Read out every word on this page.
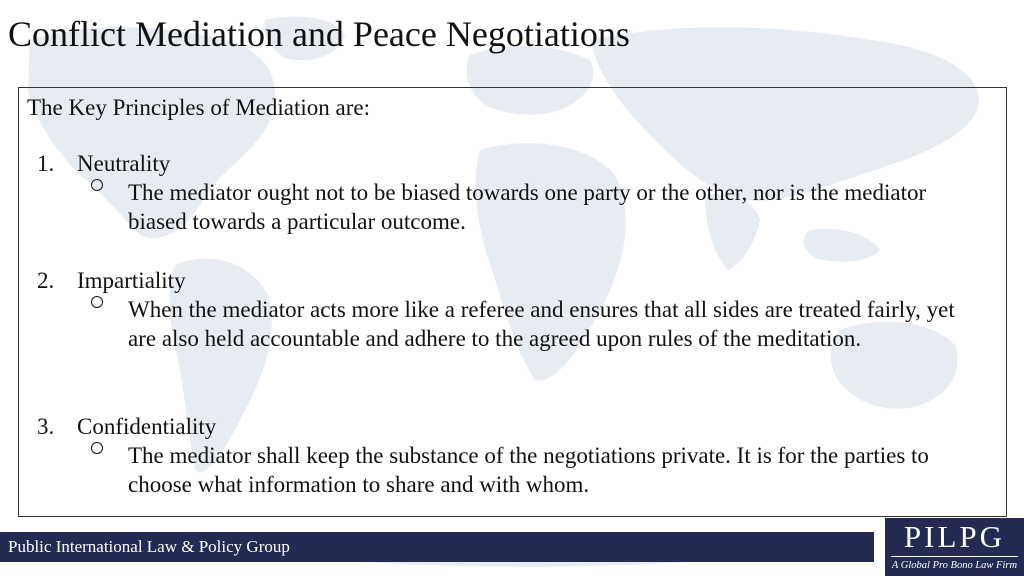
Conflict Mediation and Peace Negotiations
The Key Principles of Mediation are:
1. Neutrality

The mediator ought not to be biased towards one party or the other, nor is the mediator biased towards a particular outcome.

2. Impartiality

When the mediator acts more like a referee and ensures that all sides are treated fairly, yet are also held accountable and adhere to the agreed upon rules of the meditation.

3. Confidentiality

The mediator shall keep the substance of the negotiations private. It is for the parties to choose what information to share and with whom.

Public International Law & Policy Group	PILPG
A Global Pro Bono Law Firm
